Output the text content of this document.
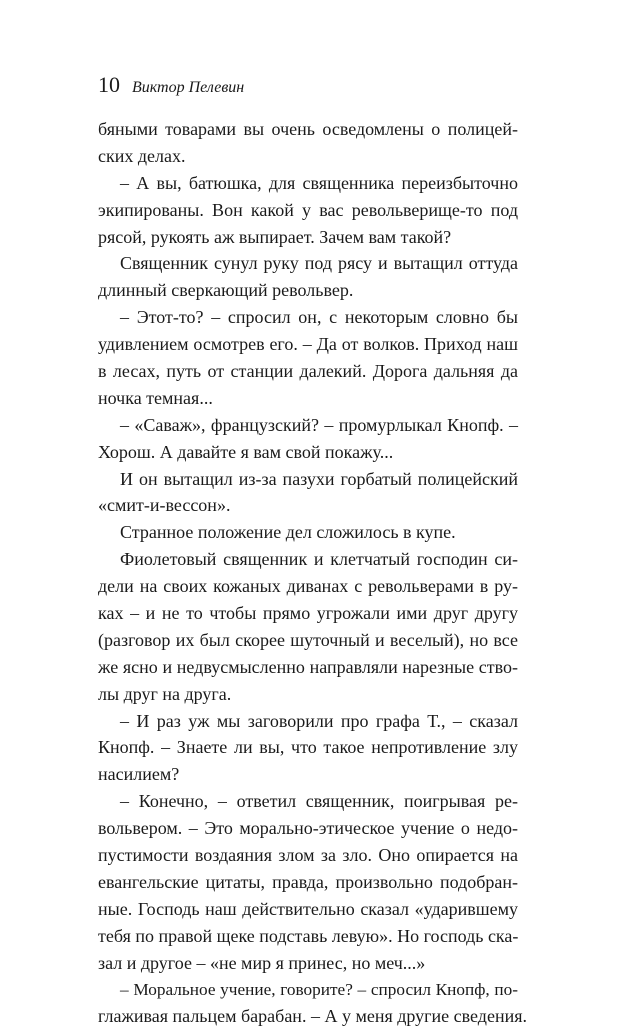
10 Виктор Пелевин
бяными товарами вы очень осведомлены о полицей-
ских делах.
– А вы, батюшка, для священника переизбыточно
экипированы. Вон какой у вас револьверище-то под
рясой, рукоять аж выпирает. Зачем вам такой?
Священник сунул руку под рясу и вытащил оттуда
длинный сверкающий револьвер.
– Этот-то? – спросил он, с некоторым словно бы
удивлением осмотрев его. – Да от волков. Приход наш
в лесах, путь от станции далекий. Дорога дальняя да
ночка темная...
– «Саваж», французский? – промурлыкал Кнопф. –
Хорош. А давайте я вам свой покажу...
И он вытащил из-за пазухи горбатый полицейский
«смит-и-вессон».
Странное положение дел сложилось в купе.
Фиолетовый священник и клетчатый господин си-
дели на своих кожаных диванах с револьверами в ру-
ках – и не то чтобы прямо угрожали ими друг другу
(разговор их был скорее шуточный и веселый), но все
же ясно и недвусмысленно направляли нарезные ство-
лы друг на друга.
– И раз уж мы заговорили про графа Т., – сказал
Кнопф. – Знаете ли вы, что такое непротивление злу
насилием?
– Конечно, – ответил священник, поигрывая ре-
вольвером. – Это морально-этическое учение о недо-
пустимости воздаяния злом за зло. Оно опирается на
евангельские цитаты, правда, произвольно подобран-
ные. Господь наш действительно сказал «ударившему
тебя по правой щеке подставь левую». Но господь ска-
зал и другое – «не мир я принес, но меч...»
– Моральное учение, говорите? – спросил Кнопф, по-
глаживая пальцем барабан. – А у меня другие сведения.
